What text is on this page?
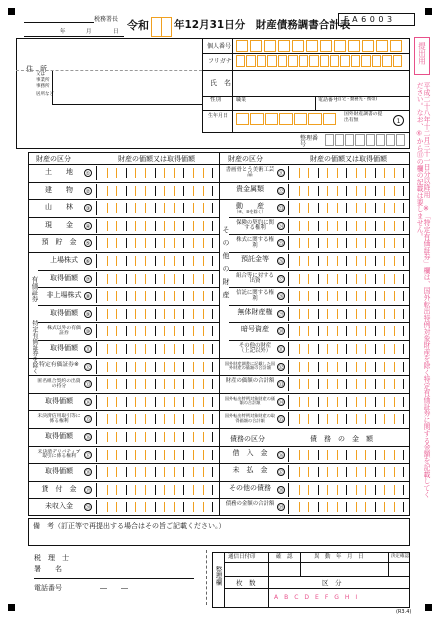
税務署長
年	月	日 令和 年12月31日分　財産債務調書合計表
F A 6 0 0 3
提出用
平成二十八年十二月三十一日分以降用　※「特定有価証券」欄は、国外転出特例対象財産を除く特定有価証券に関する金額を記載してください。なお、⑥から⑪の欄の記載は要しません。
住　所
又は
事業所
事務所
居所など
個人番号
フリガナ
氏　名
性別	職業	電話番号
(自宅・勤務先・携帯)
生年月日	国外財産調書の提出有無	1
整理番号
財産の区分	財産の価額又は取得価額	財産の区分	財産の価額又は取得価額
土　　地	①
建　　物	②
山　　林	③
現　　金	④
預　貯　金	⑤
上場株式	⑥
取得価額	⑦
非上場株式 ⑧
取得価額	⑨
株式以外の有価証券	⑩
取得価額	⑪
特定有価証券※	⑫
匿名組合契約の出資の持分	⑬
取得価額	⑭
未決済信用取引等に係る権利	⑮
取得価額	⑯
未決済デリバティブ取引に係る権利	⑰
取得価額	⑱
貸　付　金	⑲
未収入金	⑳
書画骨とう美術工芸品	㉑
貴金属類	㉒
動　　産
（④、⑩を除く）	㉓
保険の契約に関する権利	㉔
株式に関する権利	㉕
預託金等	㉖
組合等に対する出資	㉗
信託に関する権利	㉘
無体財産権	㉙
暗号資産	㉚
その他の財産（上記以外）	㉛
国外財産調書に記載した国外財産の価額の合計額	㉜
財産の価額の合計額
㉝
国外転出特例対象財産の価額の合計額	㉞
国外転出特例対象財産の取得価額の合計額	㉟
借　入　金	㊱
未　払　金	㊲
その他の債務	㊳
債務の金額の合計額
㊴
有価証券
特定有価証券を除く
その他の財産
債務の区分	債　務　の　金　額
備　考（訂正等で再提出する場合はその旨ご記載ください。）
税　理　士
署　　名
電話番号	―　　―
整理欄
通信日付印	確　認	異　動　年　月　日	決定確認
枚　数	区　分
A　B　C　D　E　F　G　H　I
(R3.4)
